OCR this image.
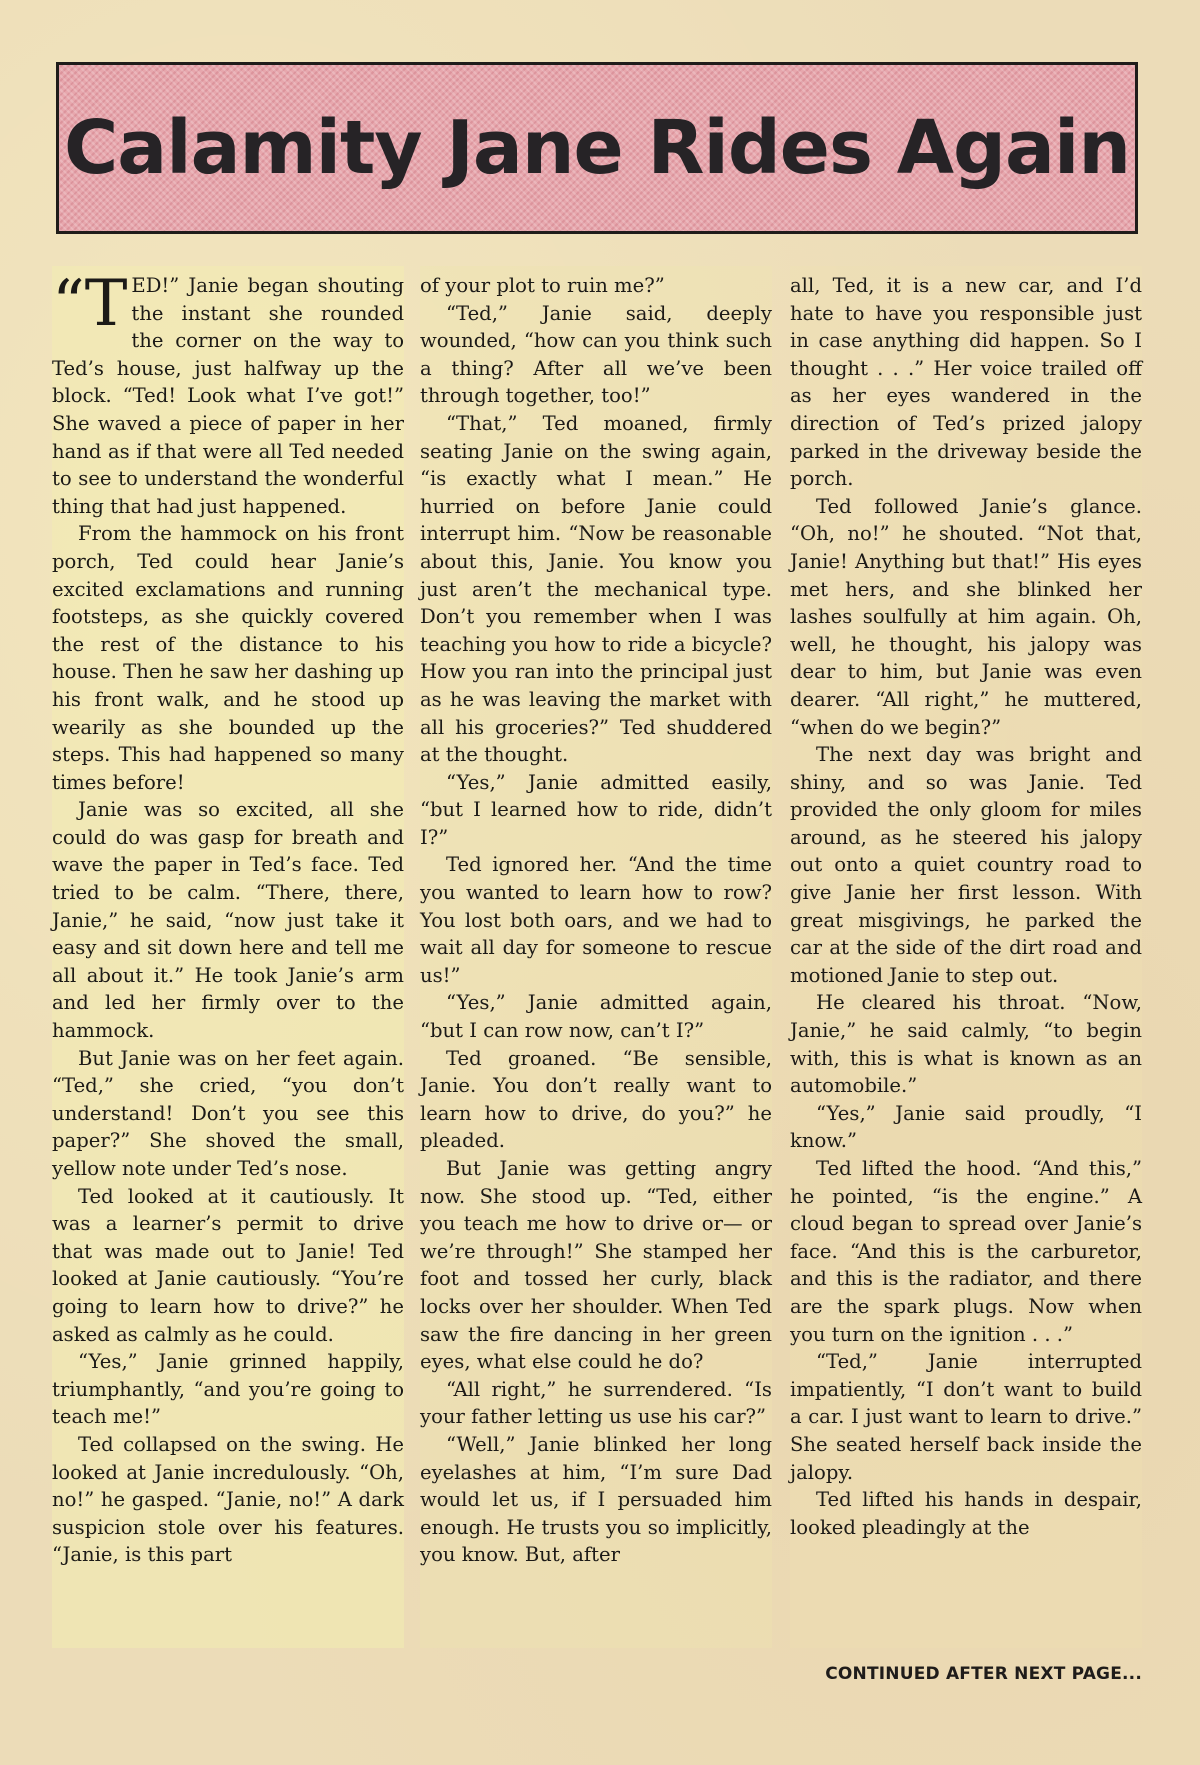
Calamity Jane Rides Again

“TED!” Janie began shouting the instant she rounded the corner on the way to Ted’s house, just halfway up the block. “Ted! Look what I’ve got!” She waved a piece of paper in her hand as if that were all Ted needed to see to understand the wonderful thing that had just happened.

From the hammock on his front porch, Ted could hear Janie’s excited exclamations and running footsteps, as she quickly covered the rest of the distance to his house. Then he saw her dashing up his front walk, and he stood up wearily as she bounded up the steps. This had happened so many times before!

Janie was so excited, all she could do was gasp for breath and wave the paper in Ted’s face. Ted tried to be calm. “There, there, Janie,” he said, “now just take it easy and sit down here and tell me all about it.” He took Janie’s arm and led her firmly over to the hammock.

But Janie was on her feet again. “Ted,” she cried, “you don’t understand! Don’t you see this paper?” She shoved the small, yellow note under Ted’s nose.

Ted looked at it cautiously. It was a learner’s permit to drive that was made out to Janie! Ted looked at Janie cautiously. “You’re going to learn how to drive?” he asked as calmly as he could.

“Yes,” Janie grinned happily, triumphantly, “and you’re going to teach me!”

Ted collapsed on the swing. He looked at Janie incredulously. “Oh, no!” he gasped. “Janie, no!” A dark suspicion stole over his features. “Janie, is this part

of your plot to ruin me?”

“Ted,” Janie said, deeply wounded, “how can you think such a thing? After all we’ve been through together, too!”

“That,” Ted moaned, firmly seating Janie on the swing again, “is exactly what I mean.” He hurried on before Janie could interrupt him. “Now be reasonable about this, Janie. You know you just aren’t the mechanical type. Don’t you remember when I was teaching you how to ride a bicycle? How you ran into the principal just as he was leaving the market with all his groceries?” Ted shuddered at the thought.

“Yes,” Janie admitted easily, “but I learned how to ride, didn’t I?”

Ted ignored her. “And the time you wanted to learn how to row? You lost both oars, and we had to wait all day for someone to rescue us!”

“Yes,” Janie admitted again, “but I can row now, can’t I?”

Ted groaned. “Be sensible, Janie. You don’t really want to learn how to drive, do you?” he pleaded.

But Janie was getting angry now. She stood up. “Ted, either you teach me how to drive or— or we’re through!” She stamped her foot and tossed her curly, black locks over her shoulder. When Ted saw the fire dancing in her green eyes, what else could he do?

“All right,” he surrendered. “Is your father letting us use his car?”

“Well,” Janie blinked her long eyelashes at him, “I’m sure Dad would let us, if I persuaded him enough. He trusts you so implicitly, you know. But, after

all, Ted, it is a new car, and I’d hate to have you responsible just in case anything did happen. So I thought . . .” Her voice trailed off as her eyes wandered in the direction of Ted’s prized jalopy parked in the driveway beside the porch.

Ted followed Janie’s glance. “Oh, no!” he shouted. “Not that, Janie! Anything but that!” His eyes met hers, and she blinked her lashes soulfully at him again. Oh, well, he thought, his jalopy was dear to him, but Janie was even dearer. “All right,” he muttered, “when do we begin?”

The next day was bright and shiny, and so was Janie. Ted provided the only gloom for miles around, as he steered his jalopy out onto a quiet country road to give Janie her first lesson. With great misgivings, he parked the car at the side of the dirt road and motioned Janie to step out.

He cleared his throat. “Now, Janie,” he said calmly, “to begin with, this is what is known as an automobile.”

“Yes,” Janie said proudly, “I know.”

Ted lifted the hood. “And this,” he pointed, “is the engine.” A cloud began to spread over Janie’s face. “And this is the carburetor, and this is the radiator, and there are the spark plugs. Now when you turn on the ignition . . .”

“Ted,” Janie interrupted impatiently, “I don’t want to build a car. I just want to learn to drive.” She seated herself back inside the jalopy.

Ted lifted his hands in despair, looked pleadingly at the

CONTINUED AFTER NEXT PAGE...
